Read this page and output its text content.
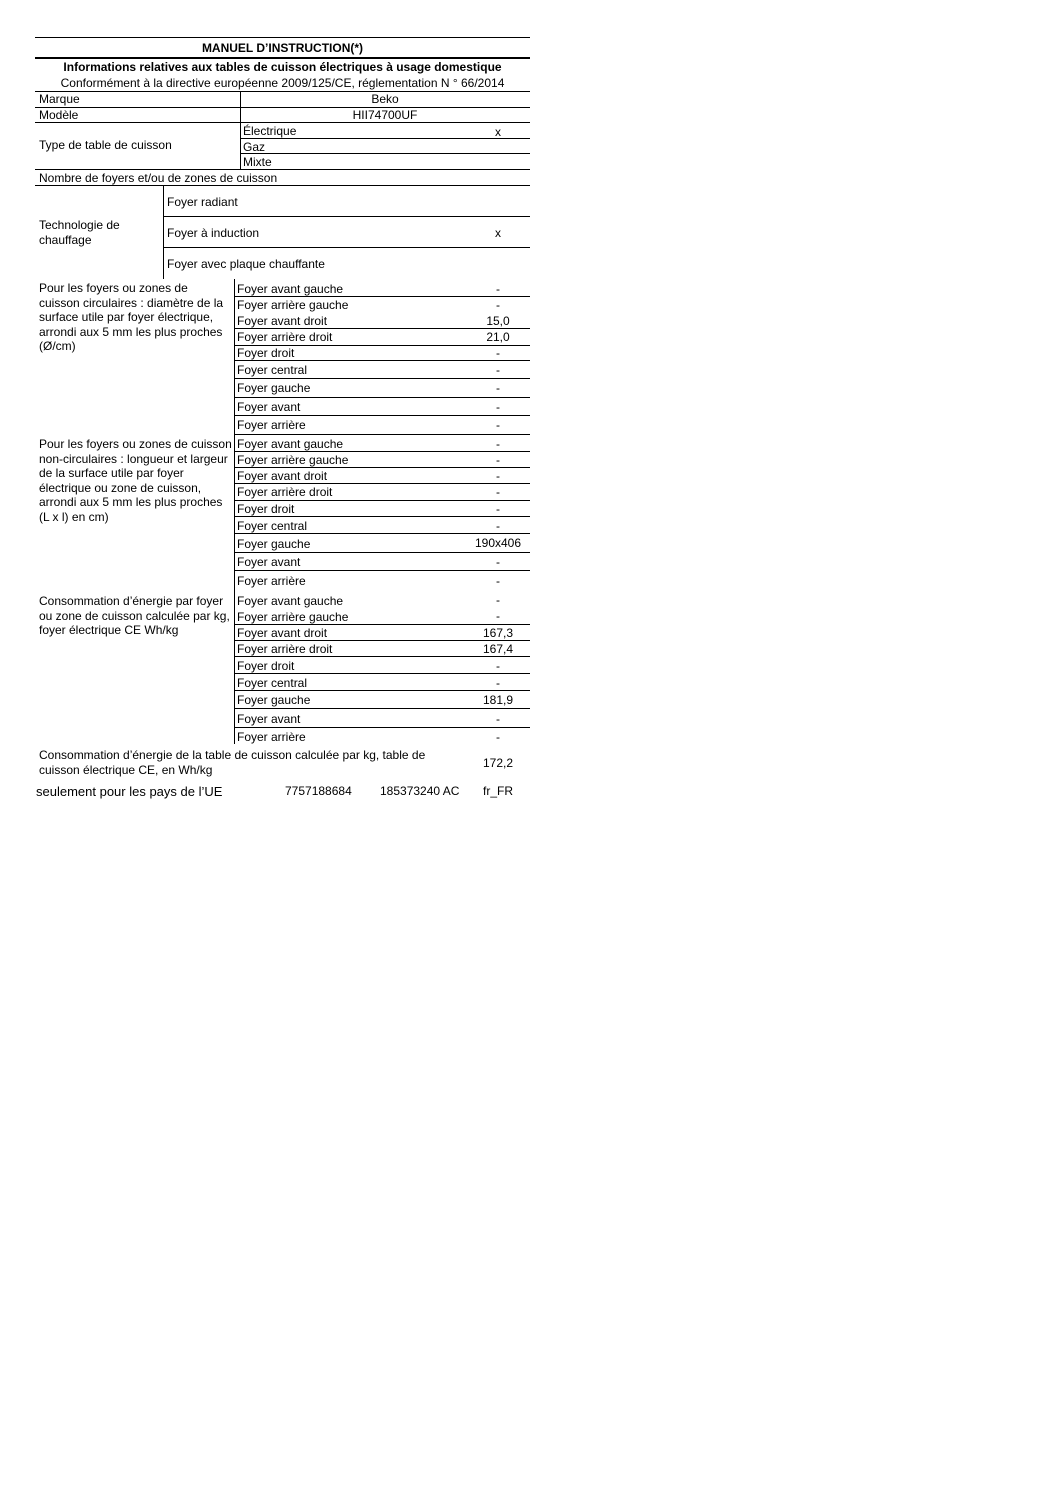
MANUEL D’INSTRUCTION(*)
Informations relatives aux tables de cuisson électriques à usage domestique
Conformément à la directive européenne 2009/125/CE, réglementation N ° 66/2014
Marque	Beko
Modèle	HII74700UF
Type de table de cuisson
Électrique	x
Gaz
Mixte
Nombre de foyers et/ou de zones de cuisson
Technologie de chauffage
Foyer radiant
Foyer à induction	x
Foyer avec plaque chauffante
Pour les foyers ou zones de cuisson circulaires : diamètre de la surface utile par foyer électrique, arrondi aux 5 mm les plus proches (Ø/cm)
Foyer avant gauche	-
Foyer arrière gauche	-
Foyer avant droit	15,0
Foyer arrière droit	21,0
Foyer droit	-
Foyer central	-
Foyer gauche	-
Foyer avant	-
Foyer arrière	-
Pour les foyers ou zones de cuisson non-circulaires : longueur et largeur de la surface utile par foyer électrique ou zone de cuisson, arrondi aux 5 mm les plus proches (L x l) en cm)
Foyer avant gauche	-
Foyer arrière gauche	-
Foyer avant droit	-
Foyer arrière droit	-
Foyer droit	-
Foyer central	-
Foyer gauche	190x406
Foyer avant	-
Foyer arrière	-
Consommation d’énergie par foyer ou zone de cuisson calculée par kg, foyer électrique CE Wh/kg
Foyer avant gauche	-
Foyer arrière gauche	-
Foyer avant droit	167,3
Foyer arrière droit	167,4
Foyer droit	-
Foyer central	-
Foyer gauche	181,9
Foyer avant	-
Foyer arrière	-
Consommation d’énergie de la table de cuisson calculée par kg, table de cuisson électrique CE, en Wh/kg	172,2
seulement pour les pays de l’UE	7757188684 185373240 AC fr_FR
